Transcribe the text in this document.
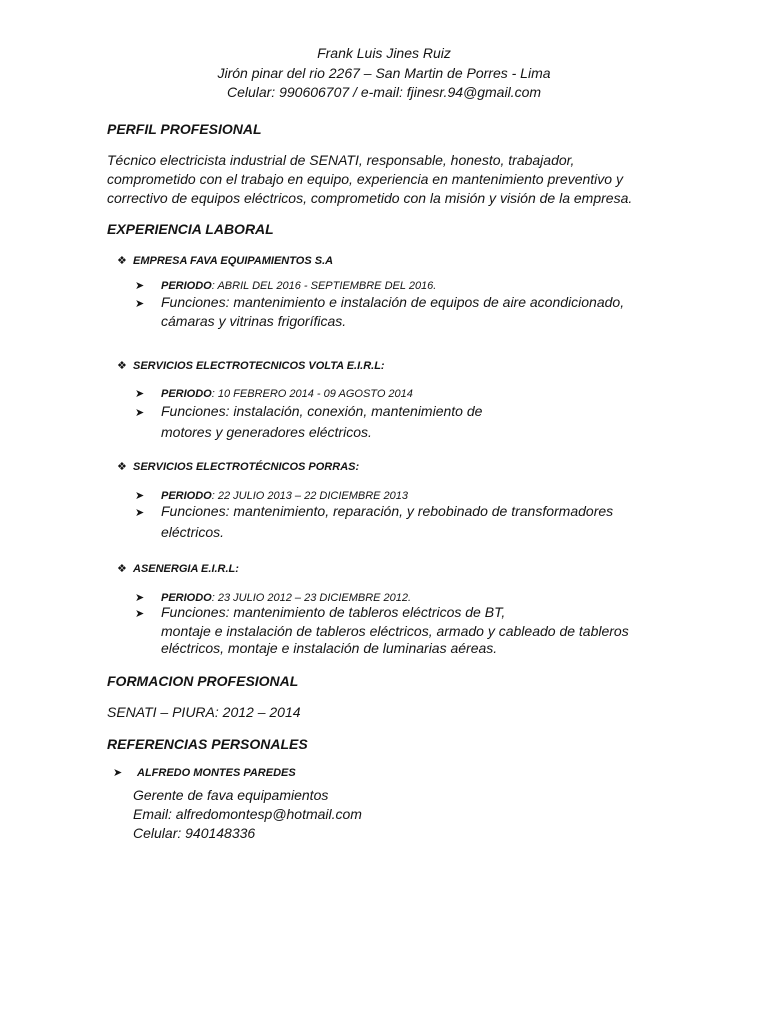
Frank Luis Jines Ruiz
Jirón pinar del rio 2267 – San Martin de Porres - Lima
Celular: 990606707 / e-mail: fjinesr.94@gmail.com
PERFIL PROFESIONAL
Técnico electricista industrial de SENATI, responsable, honesto, trabajador, comprometido con el trabajo en equipo, experiencia en mantenimiento preventivo y correctivo de equipos eléctricos, comprometido con la misión y visión de la empresa.
EXPERIENCIA LABORAL
❖ EMPRESA FAVA EQUIPAMIENTOS S.A
➤ PERIODO: ABRIL DEL 2016 - SEPTIEMBRE DEL 2016.
➤ Funciones: mantenimiento e instalación de equipos de aire acondicionado,
cámaras y vitrinas frigoríficas.
❖ SERVICIOS ELECTROTECNICOS VOLTA E.I.R.L:
➤ PERIODO: 10 FEBRERO 2014 - 09 AGOSTO 2014
➤ Funciones: instalación, conexión, mantenimiento de
motores y generadores eléctricos.
❖ SERVICIOS ELECTROTÉCNICOS PORRAS:
➤ PERIODO: 22 JULIO 2013 – 22 DICIEMBRE 2013
➤ Funciones: mantenimiento, reparación, y rebobinado de transformadores
eléctricos.
❖ ASENERGIA E.I.R.L:
➤ PERIODO: 23 JULIO 2012 – 23 DICIEMBRE 2012.
➤ Funciones: mantenimiento de tableros eléctricos de BT,
montaje e instalación de tableros eléctricos, armado y cableado de tableros
eléctricos, montaje e instalación de luminarias aéreas.
FORMACION PROFESIONAL
SENATI – PIURA: 2012 – 2014
REFERENCIAS PERSONALES
➤ ALFREDO MONTES PAREDES
Gerente de fava equipamientos
Email: alfredomontesp@hotmail.com
Celular: 940148336
